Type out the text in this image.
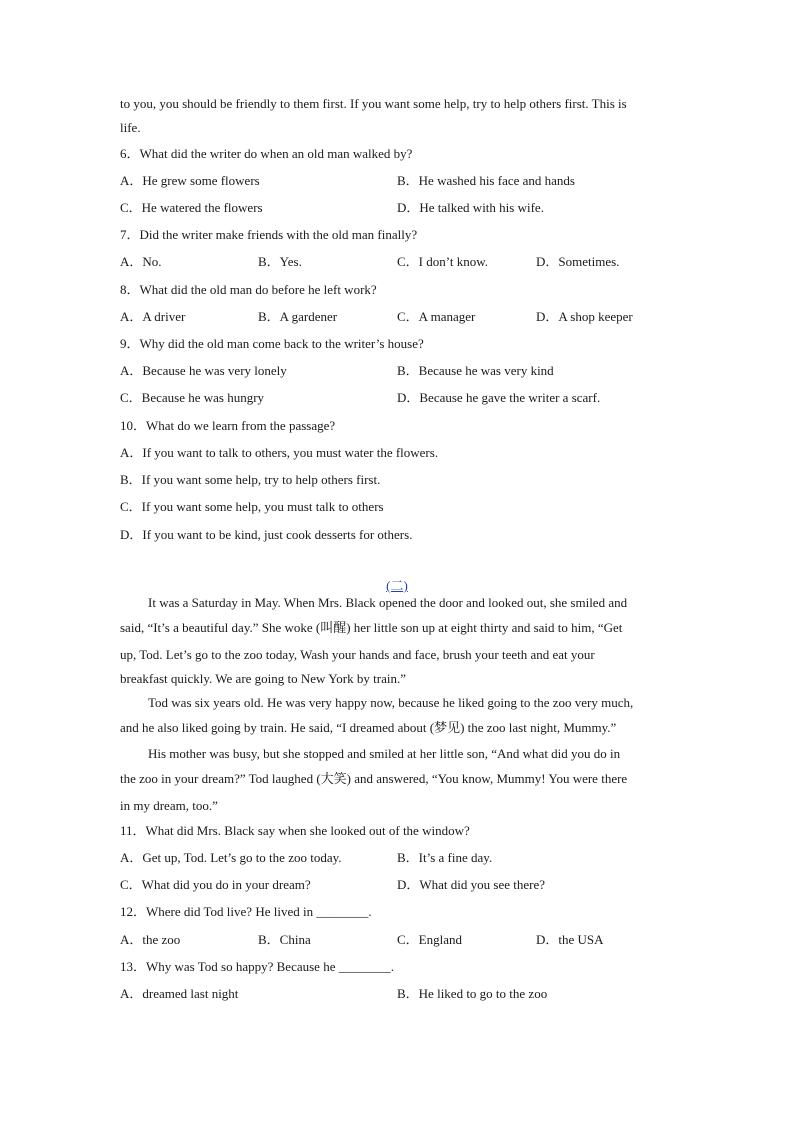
to you, you should be friendly to them first. If you want some help, try to help others first. This is
life.
6．What did the writer do when an old man walked by?
A．He grew some flowers	B．He washed his face and hands
C．He watered the flowers	D．He talked with his wife.
7．Did the writer make friends with the old man finally?
A．No.	B．Yes.	C．I don’t know.	D．Sometimes.
8．What did the old man do before he left work?
A．A driver	B．A gardener	C．A manager	D．A shop keeper
9．Why did the old man come back to the writer’s house?
A．Because he was very lonely	B．Because he was very kind
C．Because he was hungry	D．Because he gave the writer a scarf.
10．What do we learn from the passage?
A．If you want to talk to others, you must water the flowers.
B．If you want some help, try to help others first.
C．If you want some help, you must talk to others
D．If you want to be kind, just cook desserts for others.
(二)
It was a Saturday in May. When Mrs. Black opened the door and looked out, she smiled and
said, “It’s a beautiful day.” She woke (叫醒) her little son up at eight thirty and said to him, “Get
up, Tod. Let’s go to the zoo today, Wash your hands and face, brush your teeth and eat your
breakfast quickly. We are going to New York by train.”
Tod was six years old. He was very happy now, because he liked going to the zoo very much,
and he also liked going by train. He said, “I dreamed about (梦见) the zoo last night, Mummy.”
His mother was busy, but she stopped and smiled at her little son, “And what did you do in
the zoo in your dream?” Tod laughed (大笑) and answered, “You know, Mummy! You were there
in my dream, too.”
11．What did Mrs. Black say when she looked out of the window?
A．Get up, Tod. Let’s go to the zoo today.	B．It’s a fine day.
C．What did you do in your dream?	D．What did you see there?
12．Where did Tod live? He lived in ________.
A．the zoo	B．China	C．England	D．the USA
13．Why was Tod so happy? Because he ________.
A．dreamed last night	B．He liked to go to the zoo
